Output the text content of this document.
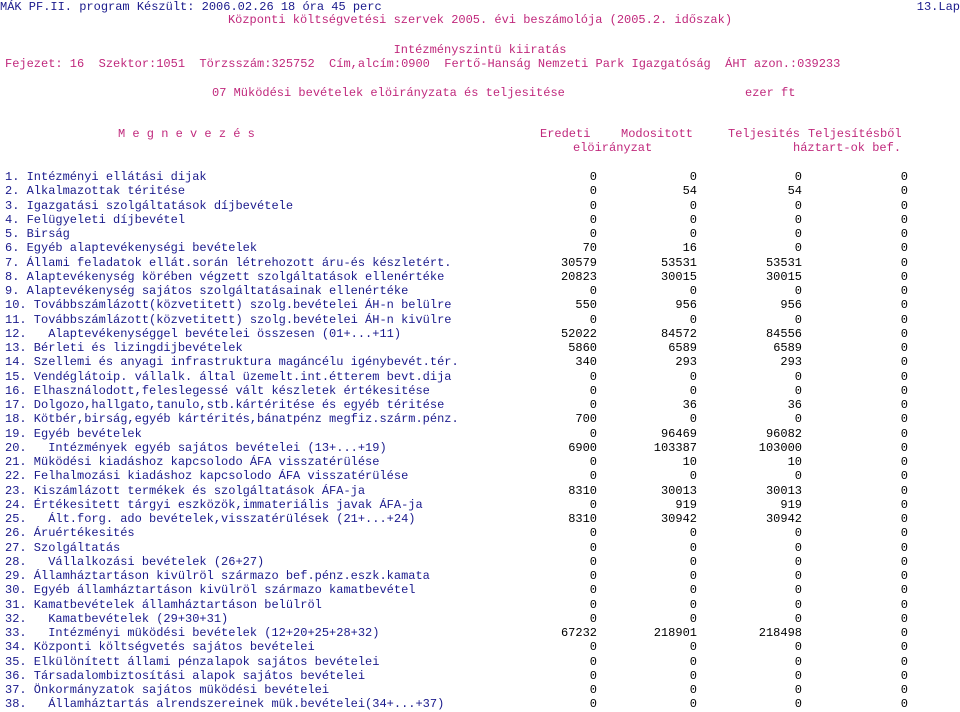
MÁK PF.II. program Készült: 2006.02.26 18 óra 45 perc	13.Lap
Központi költségvetési szervek 2005. évi beszámolója (2005.2. időszak)
Intézményszintü kiiratás
Fejezet: 16  Szektor:1051  Törzsszám:325752  Cím,alcím:0900  Fertő-Hanság Nemzeti Park Igazgatóság  ÁHT azon.:039233
07 Müködési bevételek elöirányzata és teljesitése	ezer ft
M e g n e v e z é s	Eredeti
elöirányzat
Modositott	Teljesités Teljesítésből
háztart-ok bef.
1. Intézményi ellátási dijak	0	0	0	0
2. Alkalmazottak téritése	0	54	54	0
3. Igazgatási szolgáltatások díjbevétele	0	0	0	0
4. Felügyeleti díjbevétel	0	0	0	0
5. Birság	0	0	0	0
6. Egyéb alaptevékenységi bevételek	70	16	0	0
7. Állami feladatok ellát.során létrehozott áru-és készletért.	30579	53531	53531	0
8. Alaptevékenység körében végzett szolgáltatások ellenértéke	20823	30015	30015	0
9. Alaptevékenység sajátos szolgáltatásainak ellenértéke	0	0	0	0
10. Továbbszámlázott(közvetitett) szolg.bevételei ÁH-n belülre	550	956	956	0
11. Továbbszámlázott(közvetitett) szolg.bevételei ÁH-n kivülre	0	0	0	0
12.   Alaptevékenységgel bevételei összesen (01+...+11)	52022	84572	84556	0
13. Bérleti és lizingdijbevételek	5860	6589	6589	0
14. Szellemi és anyagi infrastruktura magáncélu igénybevét.tér.	340	293	293	0
15. Vendéglátoip. vállalk. által üzemelt.int.étterem bevt.dija	0	0	0	0
16. Elhasználodott,feleslegessé vált készletek értékesitése	0	0	0	0
17. Dolgozo,hallgato,tanulo,stb.kártéritése és egyéb téritése	0	36	36	0
18. Kötbér,birság,egyéb kártérités,bánatpénz megfiz.szárm.pénz.	700	0	0	0
19. Egyéb bevételek	0	96469	96082	0
20.   Intézmények egyéb sajátos bevételei (13+...+19)	6900	103387	103000	0
21. Müködési kiadáshoz kapcsolodo ÁFA visszatérülése	0	10	10	0
22. Felhalmozási kiadáshoz kapcsolodo ÁFA visszatérülése	0	0	0	0
23. Kiszámlázott termékek és szolgáltatások ÁFA-ja	8310	30013	30013	0
24. Értékesitett tárgyi eszközök,immateriális javak ÁFA-ja	0	919	919	0
25.   Ált.forg. ado bevételek,visszatérülések (21+...+24)	8310	30942	30942	0
26. Áruértékesités	0	0	0	0
27. Szolgáltatás	0	0	0	0
28.   Vállalkozási bevételek (26+27)	0	0	0	0
29. Államháztartáson kivülröl származo bef.pénz.eszk.kamata	0	0	0	0
30. Egyéb államháztartáson kivülröl származo kamatbevétel	0	0	0	0
31. Kamatbevételek államháztartáson belülröl	0	0	0	0
32.   Kamatbevételek (29+30+31)	0	0	0	0
33.   Intézményi müködési bevételek (12+20+25+28+32)	67232	218901	218498	0
34. Központi költségvetés sajátos bevételei	0	0	0	0
35. Elkülönített állami pénzalapok sajátos bevételei	0	0	0	0
36. Társadalombiztosítási alapok sajátos bevételei	0	0	0	0
37. Önkormányzatok sajátos müködési bevételei	0	0	0	0
38.   Államháztartás alrendszereinek mük.bevételei(34+...+37)	0	0	0	0
